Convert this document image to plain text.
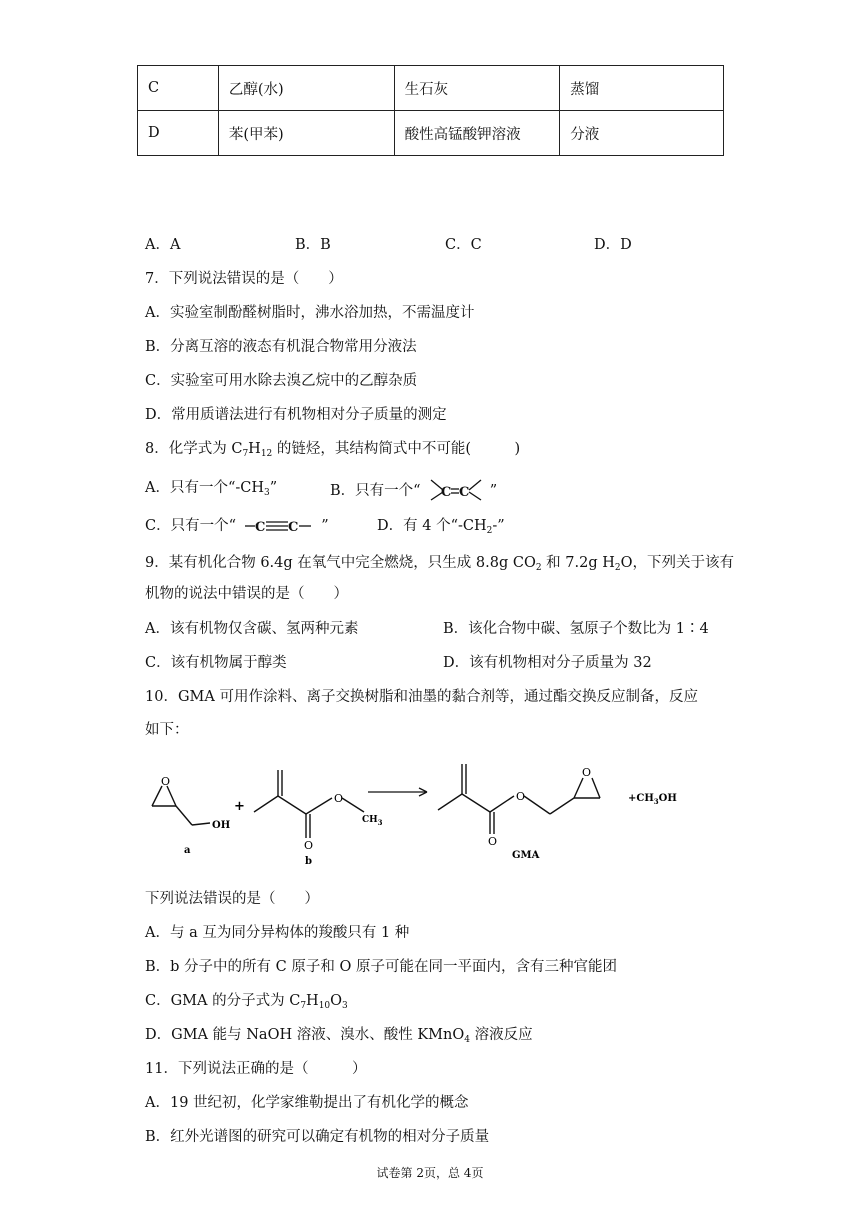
C	乙醇(水)	生石灰	蒸馏
D	苯(甲苯)	酸性高锰酸钾溶液	分液
A．A	B．B	C．C	D．D
7．下列说法错误的是（　　）
A．实验室制酚醛树脂时，沸水浴加热，不需温度计
B．分离互溶的液态有机混合物常用分液法
C．实验室可用水除去溴乙烷中的乙醇杂质
D．常用质谱法进行有机物相对分子质量的测定
8．化学式为 $C_7H_{12}$ 的链烃，其结构简式中不可能(　　　)
A．只有一个“$-CH_3$”	B．只有一个“ C C ”
C．只有一个“ C C ”	D．有 4 个“$-CH_2-$”
9．某有机化合物 6.4g 在氧气中完全燃烧，只生成 8.8g $CO_2$ 和 7.2g $H_2O$，下列关于该有
机物的说法中错误的是（　　）
A．该有机物仅含碳、氢两种元素	B．该化合物中碳、氢原子个数比为 1∶4
C．该有机物属于醇类	D．该有机物相对分子质量为 32
10．GMA 可用作涂料、离子交换树脂和油墨的黏合剂等，通过酯交换反应制备，反应
如下：
O
OH
a
+
O
O
$CH_3$
b
O
O
O
$+CH_3OH$
GMA
下列说法错误的是（　　）
A．与 a 互为同分异构体的羧酸只有 1 种
B．b 分子中的所有 C 原子和 O 原子可能在同一平面内，含有三种官能团
C．GMA 的分子式为 $C_7H_{10}O_3$
D．GMA 能与 NaOH 溶液、溴水、酸性 KMnO$_4$ 溶液反应
11．下列说法正确的是（　　　）
A．19 世纪初，化学家维勒提出了有机化学的概念
B．红外光谱图的研究可以确定有机物的相对分子质量
试卷第 2页，总 4页
